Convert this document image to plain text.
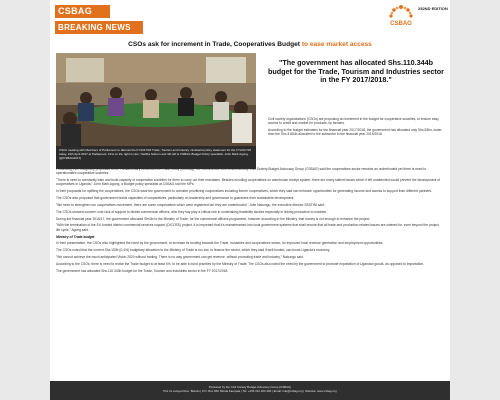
CSBAG
BREAKING NEWS	CSBAG
252ND EDITION
CSOs ask for increment in Trade, Cooperatives Budget to ease market access
CSOs meeting with Members of Parliament to discuss the FY2017/18 Trade, Tourism and Industry ministerial policy statement for the FY2017/18 today, 10th April 2017 at Parliament. First on the right is Hon. Naziba Nuhum and 4th left is CSBAG Budget Policy specialist, John Mark Agong. (@CSBAG2017)
"The government has allocated Shs.110.344b budget for the Trade, Tourism and Industries sector in the FY 2017/2018."

Civil society organizations (CSOs) are proposing an increment in the budget for cooperative societies, to ensure easy access to credit and market for products, by farmers.

According to the budget estimates for the financial year 2017/2018, the government has allocated only Shs.53bn, lower than the Shs.3.684b allocated to the subsector in the financial year 2015/2016.

Presenting their budgetary proposals to the Parliamentary committee on Trade today (Monday), the CSOs under their umbrella body Civil Society Budget Advocacy Group (CSBAG) said the cooperatives sector remains an underfunded yet there is need to operationalize cooperative societies.

"There is need to constantly train and build capacity of cooperative societies for them to carry out their mandates. Besides enrolling cooperatives on warehouse receipt system, there are many salient issues which if left unattended would prevent the development of cooperatives in Uganda," John Mark Agong, a Budget policy specialist at CSBAG told the MPs.

In their proposals for uplifting the cooperatives, the CSOs want the government to consider prioritizing cooperatives including former cooperatives, which they said can enhance opportunities for generating income and access to support from different partners.

The CSOs also proposed that government builds capacities of cooperatives, particularly on leadership and governance to guarantee their sustainable development.

"We need to strengthen our cooperatives movement, there are some cooperatives which were registered but they are underfunded," Julie Nakungu, the executive director SEATINI said.

The CSOs showed concern over lack of support to district commercial officers, who they say play a critical role in undertaking feasibility studies especially in linking production to markets.

During the financial year 2016/17, the government allocated Shs3b to the Ministry of Trade, for the commercial officers programme, however according to the Ministry, that money is not enough to enhance the project.

"With the termination of the EU funded district commercial services support (DICOSS) project, it is important that it's mainstreamed into local government systems that shall ensure that all trade and production related issues are catered for, even beyond the project life cycle," Agong said.

Ministry of Trade budget

In their presentation, the CSOs also highlighted the need by the government, to increase its funding towards the Trade, Industries and cooperatives sector, for improved local revenue generation and employment opportunities.

The CSOs noted that the current Shs.153b (0.4%) budgetary allocation to the Ministry of Trade is too low, to finance the sector, which they said if well funded, can boost Uganda's economy.

"We cannot achieve the much anticipated Vision 2020 without trading. There is no way government can get revenue, without promoting trade and industry," Nakungu said.

According to the CSOs, there is need to revise the Trade budget to at least 4%, to be able to fund priorities by the Ministry of Trade. The CSOs also noted the need by the government to promote exportation of Ugandan goods, as opposed to importation.

The government has allocated Shs.110.344b budget for the Trade, Tourism and Industries sector in the FY 2017/2018.

Produced by the Civil Society Budget Advocacy Group (CSBAG)
Plot 11 Lutaya Drive, Bukoto | P.O. Box 660 Ntinda Kampala | Tel: +256 312 260 490 | Email: info@csbag.org | Website: www.csbag.org
